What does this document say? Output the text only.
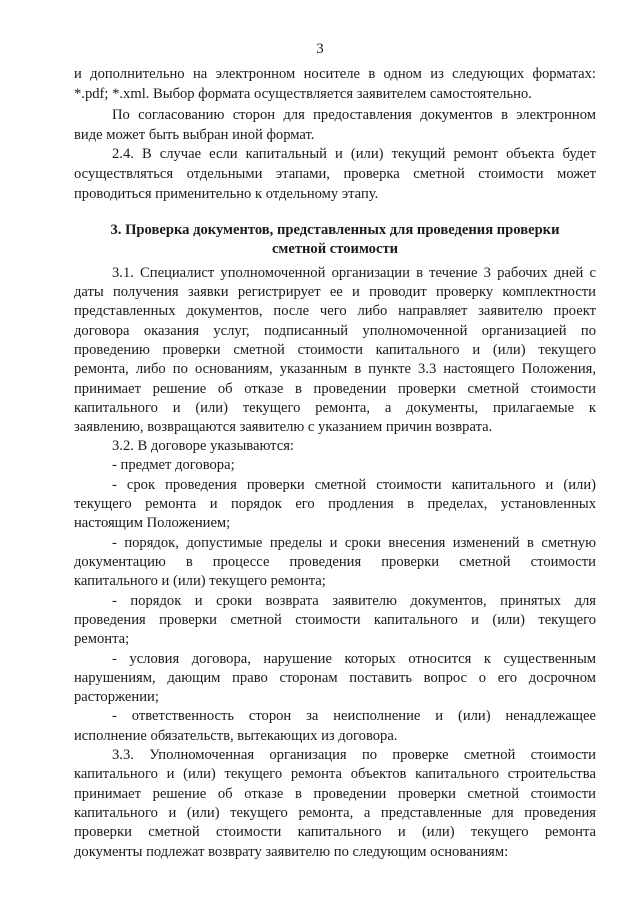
3
и дополнительно на электронном носителе в одном из следующих форматах:
*.pdf; *.xml. Выбор формата осуществляется заявителем самостоятельно.
По согласованию сторон для предоставления документов в электронном
виде может быть выбран иной формат.
2.4. В случае если капитальный и (или) текущий ремонт объекта будет
осуществляться отдельными этапами, проверка сметной стоимости может
проводиться применительно к отдельному этапу.
3. Проверка документов, представленных для проведения проверки
сметной стоимости
3.1. Специалист уполномоченной организации в течение 3 рабочих дней с
даты получения заявки регистрирует ее и проводит проверку комплектности
представленных документов, после чего либо направляет заявителю проект
договора оказания услуг, подписанный уполномоченной организацией по
проведению проверки сметной стоимости капитального и (или) текущего
ремонта, либо по основаниям, указанным в пункте 3.3 настоящего Положения,
принимает решение об отказе в проведении проверки сметной стоимости
капитального и (или) текущего ремонта, а документы, прилагаемые к
заявлению, возвращаются заявителю с указанием причин возврата.
3.2. В договоре указываются:
- предмет договора;
- срок проведения проверки сметной стоимости капитального и (или)
текущего ремонта и порядок его продления в пределах, установленных
настоящим Положением;
- порядок, допустимые пределы и сроки внесения изменений в сметную
документацию в процессе проведения проверки сметной стоимости
капитального и (или) текущего ремонта;
- порядок и сроки возврата заявителю документов, принятых для
проведения проверки сметной стоимости капитального и (или) текущего
ремонта;
- условия договора, нарушение которых относится к существенным
нарушениям, дающим право сторонам поставить вопрос о его досрочном
расторжении;
- ответственность сторон за неисполнение и (или) ненадлежащее
исполнение обязательств, вытекающих из договора.
3.3. Уполномоченная организация по проверке сметной стоимости
капитального и (или) текущего ремонта объектов капитального строительства
принимает решение об отказе в проведении проверки сметной стоимости
капитального и (или) текущего ремонта, а представленные для проведения
проверки сметной стоимости капитального и (или) текущего ремонта
документы подлежат возврату заявителю по следующим основаниям:
